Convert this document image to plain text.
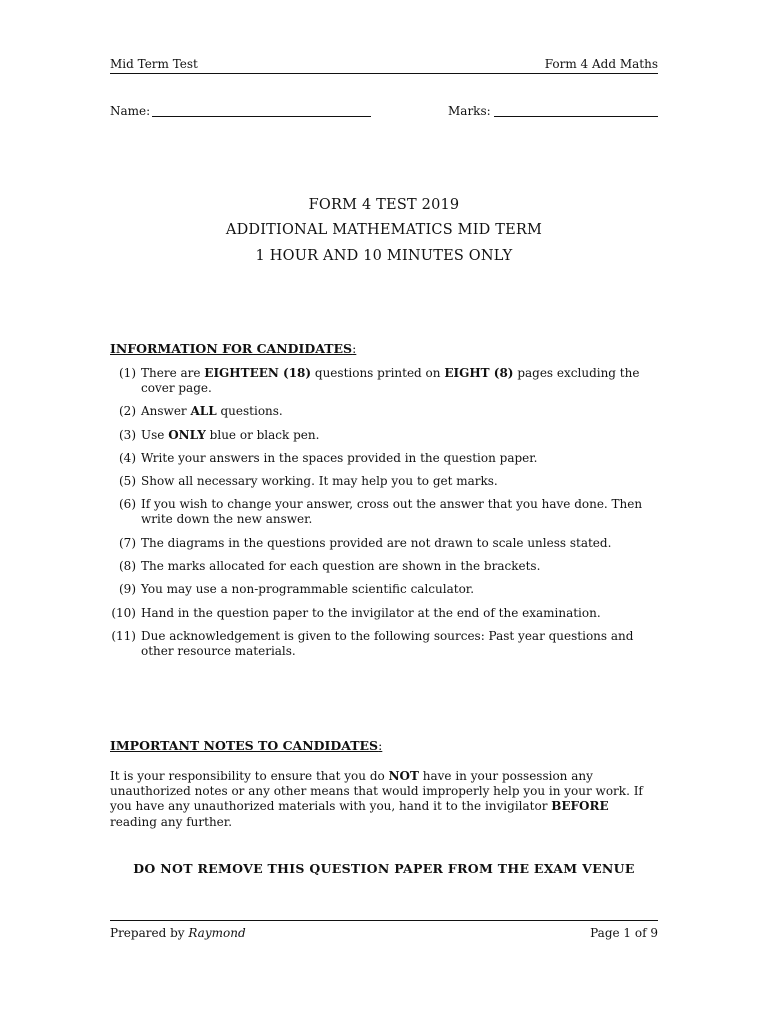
Mid Term Test	Form 4 Add Maths
Name:	Marks:
FORM 4 TEST 2019
ADDITIONAL MATHEMATICS MID TERM
1 HOUR AND 10 MINUTES ONLY
INFORMATION FOR CANDIDATES:
(1) There are EIGHTEEN (18) questions printed on EIGHT (8) pages excluding the cover page.
(2) Answer ALL questions.
(3) Use ONLY blue or black pen.
(4) Write your answers in the spaces provided in the question paper.
(5) Show all necessary working. It may help you to get marks.
(6) If you wish to change your answer, cross out the answer that you have done. Then write down the new answer.
(7) The diagrams in the questions provided are not drawn to scale unless stated.
(8) The marks allocated for each question are shown in the brackets.
(9) You may use a non-programmable scientific calculator.
(10) Hand in the question paper to the invigilator at the end of the examination.
(11) Due acknowledgement is given to the following sources: Past year questions and other resource materials.
IMPORTANT NOTES TO CANDIDATES:
It is your responsibility to ensure that you do NOT have in your possession any unauthorized notes or any other means that would improperly help you in your work. If you have any unauthorized materials with you, hand it to the invigilator BEFORE reading any further.
DO NOT REMOVE THIS QUESTION PAPER FROM THE EXAM VENUE
Prepared by Raymond	Page 1 of 9
